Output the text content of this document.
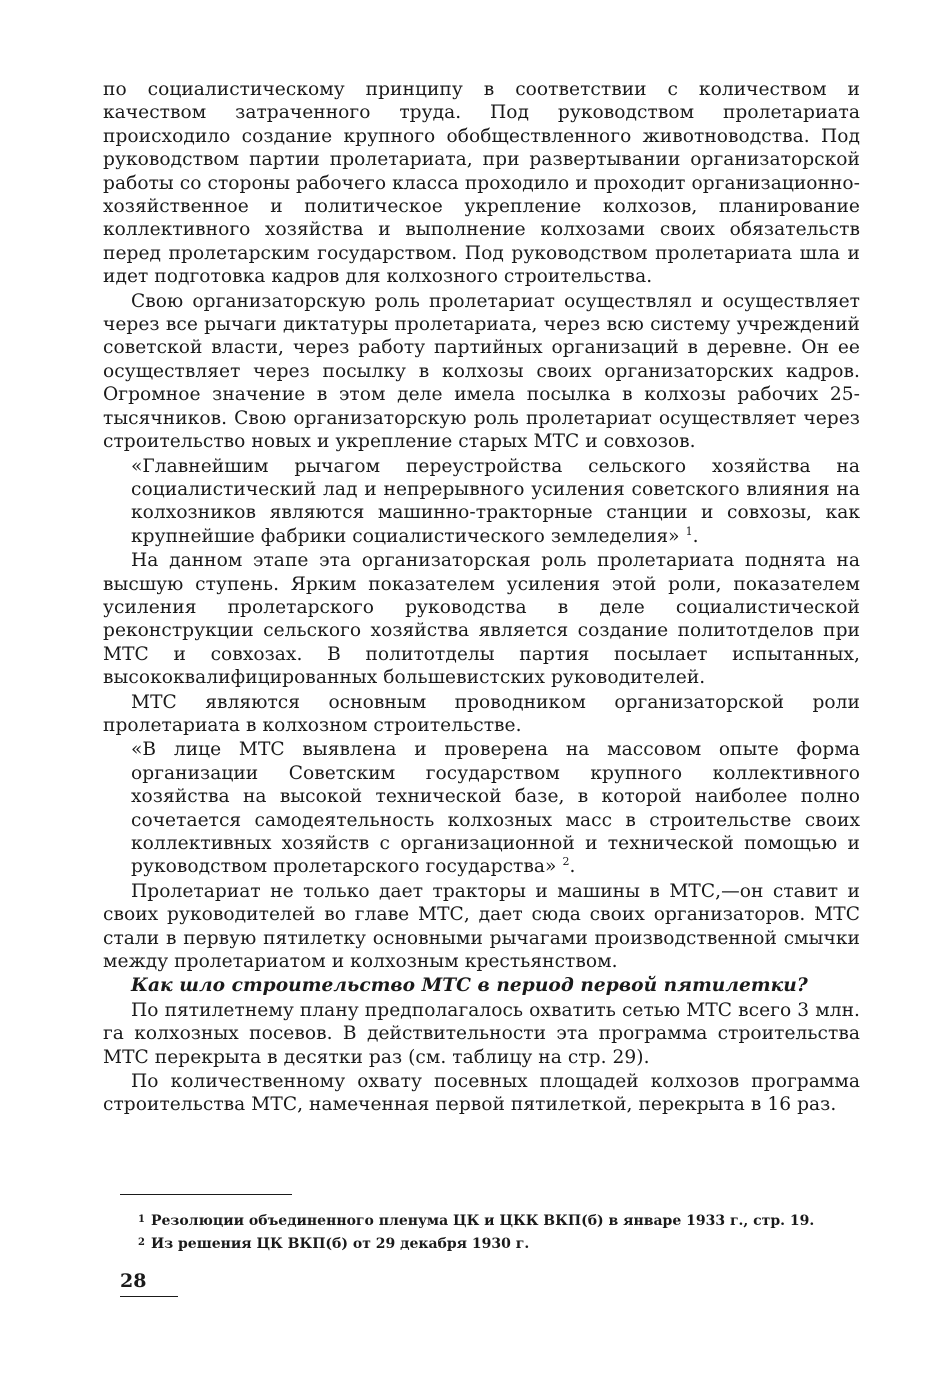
по социалистическому принципу в соответствии с количеством и качеством затраченного труда. Под руководством пролетариата происходило создание крупного обобществленного животноводства. Под руководством партии пролетариата, при развертывании организаторской работы со стороны рабочего класса проходило и проходит организационно-хозяйственное и политическое укрепление колхозов, планирование коллективного хозяйства и выполнение колхозами своих обязательств перед пролетарским государством. Под руководством пролетариата шла и идет подготовка кадров для колхозного строительства.

Свою организаторскую роль пролетариат осуществлял и осуществляет через все рычаги диктатуры пролетариата, через всю систему учреждений советской власти, через работу партийных организаций в деревне. Он ее осуществляет через посылку в колхозы своих организаторских кадров. Огромное значение в этом деле имела посылка в колхозы рабочих 25-тысячников. Свою организаторскую роль пролетариат осуществляет через строительство новых и укрепление старых МТС и совхозов.

«Главнейшим рычагом переустройства сельского хозяйства на социалистический лад и непрерывного усиления советского влияния на колхозников являются машинно-тракторные станции и совхозы, как крупнейшие фабрики социалистического земледелия» $^1$.

На данном этапе эта организаторская роль пролетариата поднята на высшую ступень. Ярким показателем усиления этой роли, показателем усиления пролетарского руководства в деле социалистической реконструкции сельского хозяйства является создание политотделов при МТС и совхозах. В политотделы партия посылает испытанных, высококвалифицированных большевистских руководителей.

МТС являются основным проводником организаторской роли пролетариата в колхозном строительстве.

«В лице МТС выявлена и проверена на массовом опыте форма организации Советским государством крупного коллективного хозяйства на высокой технической базе, в которой наиболее полно сочетается самодеятельность колхозных масс в строительстве своих коллективных хозяйств с организационной и технической помощью и руководством пролетарского государства» $^2$.

Пролетариат не только дает тракторы и машины в МТС,—он ставит и своих руководителей во главе МТС, дает сюда своих организаторов. МТС стали в первую пятилетку основными рычагами производственной смычки между пролетариатом и колхозным крестьянством.

Как шло строительство МТС в период первой пятилетки?

По пятилетнему плану предполагалось охватить сетью МТС всего 3 млн. га колхозных посевов. В действительности эта программа строительства МТС перекрыта в десятки раз (см. таблицу на стр. 29).

По количественному охвату посевных площадей колхозов программа строительства МТС, намеченная первой пятилеткой, перекрыта в 16 раз.

$^1$ Резолюции объединенного пленума ЦК и ЦКК ВКП(б) в январе 1933 г., стр. 19.
$^2$ Из решения ЦК ВКП(б) от 29 декабря 1930 г.
28
